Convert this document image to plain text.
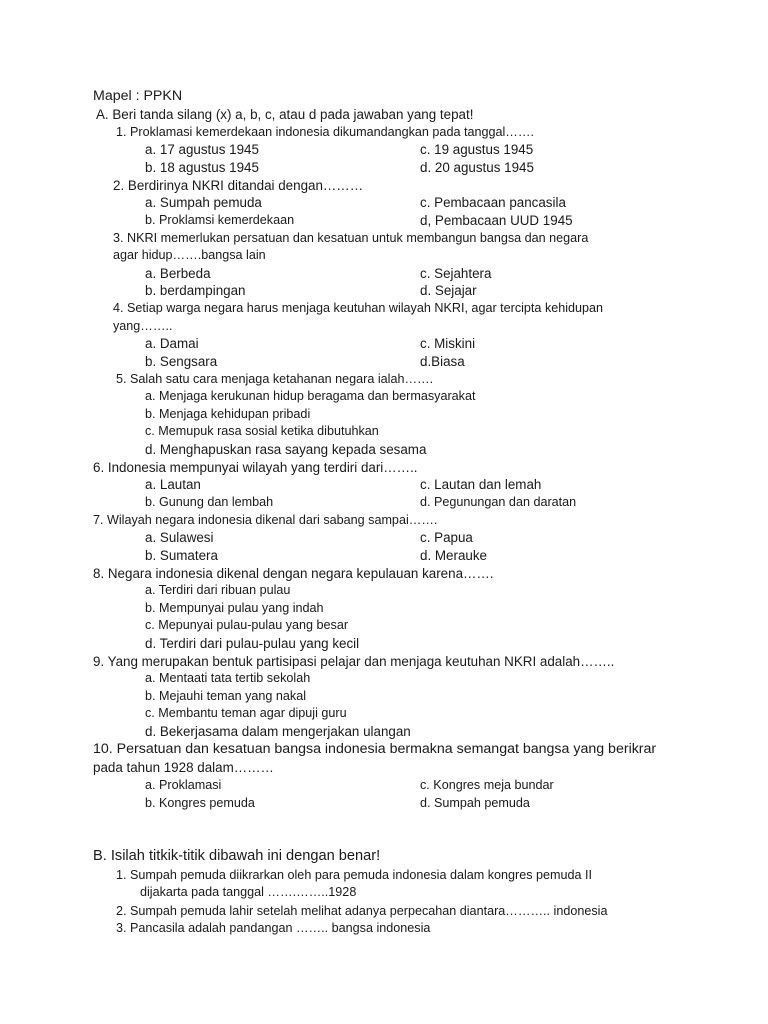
Mapel : PPKN
A. Beri tanda silang (x) a, b, c, atau d pada jawaban yang tepat!
1. Proklamasi kemerdekaan indonesia dikumandangkan pada tanggal…….
a. 17 agustus 1945	c. 19 agustus 1945
b. 18 agustus 1945	d. 20 agustus 1945
2. Berdirinya NKRI ditandai dengan………
a. Sumpah pemuda	c. Pembacaan pancasila
b. Proklamsi kemerdekaan	d, Pembacaan UUD 1945
3. NKRI memerlukan persatuan dan kesatuan untuk membangun bangsa dan negara
agar hidup…….bangsa lain
a. Berbeda	c. Sejahtera
b. berdampingan	d. Sejajar
4. Setiap warga negara harus menjaga keutuhan wilayah NKRI, agar tercipta kehidupan
yang……..
a. Damai	c. Miskini
b. Sengsara	d.Biasa
5. Salah satu cara menjaga ketahanan negara ialah…….
a. Menjaga kerukunan hidup beragama dan bermasyarakat
b. Menjaga kehidupan pribadi
c. Memupuk rasa sosial ketika dibutuhkan
d. Menghapuskan rasa sayang kepada sesama
6. Indonesia mempunyai wilayah yang terdiri dari……..
a. Lautan	c. Lautan dan lemah
b. Gunung dan lembah	d. Pegunungan dan daratan
7. Wilayah negara indonesia dikenal dari sabang sampai…….
a. Sulawesi	c. Papua
b. Sumatera	d. Merauke
8. Negara indonesia dikenal dengan negara kepulauan karena…….
a. Terdiri dari ribuan pulau
b. Mempunyai pulau yang indah
c. Mepunyai pulau-pulau yang besar
d. Terdiri dari pulau-pulau yang kecil
9. Yang merupakan bentuk partisipasi pelajar dan menjaga keutuhan NKRI adalah……..
a. Mentaati tata tertib sekolah
b. Mejauhi teman yang nakal
c. Membantu teman agar dipuji guru
d. Bekerjasama dalam mengerjakan ulangan
10. Persatuan dan kesatuan bangsa indonesia bermakna semangat bangsa yang berikrar
pada tahun 1928 dalam………
a. Proklamasi	c. Kongres meja bundar
b. Kongres pemuda	d. Sumpah pemuda
B. Isilah titkik-titik dibawah ini dengan benar!
1. Sumpah pemuda diikrarkan oleh para pemuda indonesia dalam kongres pemuda II
dijakarta pada tanggal …….……..1928
2. Sumpah pemuda lahir setelah melihat adanya perpecahan diantara……….. indonesia
3. Pancasila adalah pandangan …….. bangsa indonesia
